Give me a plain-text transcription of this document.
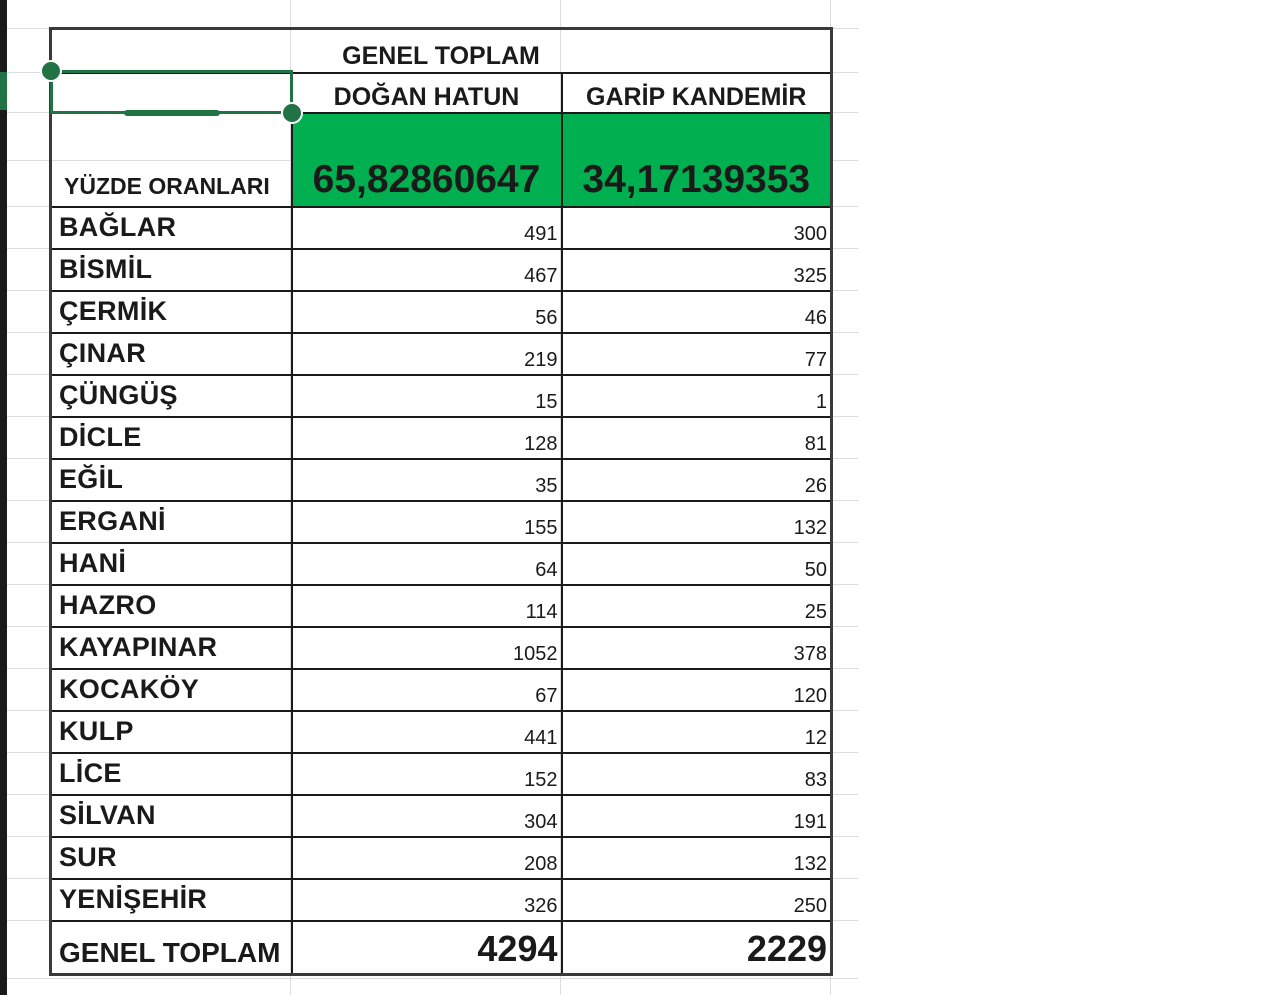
GENEL TOPLAM		
	DOĞAN HATUN	GARİP KANDEMİR
YÜZDE ORANLARI	65,82860647	34,17139353
BAĞLAR	491	300
BİSMİL	467	325
ÇERMİK	56	46
ÇINAR	219	77
ÇÜNGÜŞ	15	1
DİCLE	128	81
EĞİL	35	26
ERGANİ	155	132
HANİ	64	50
HAZRO	114	25
KAYAPINAR	1052	378
KOCAKÖY	67	120
KULP	441	12
LİCE	152	83
SİLVAN	304	191
SUR	208	132
YENİŞEHİR	326	250
GENEL TOPLAM	4294	2229
